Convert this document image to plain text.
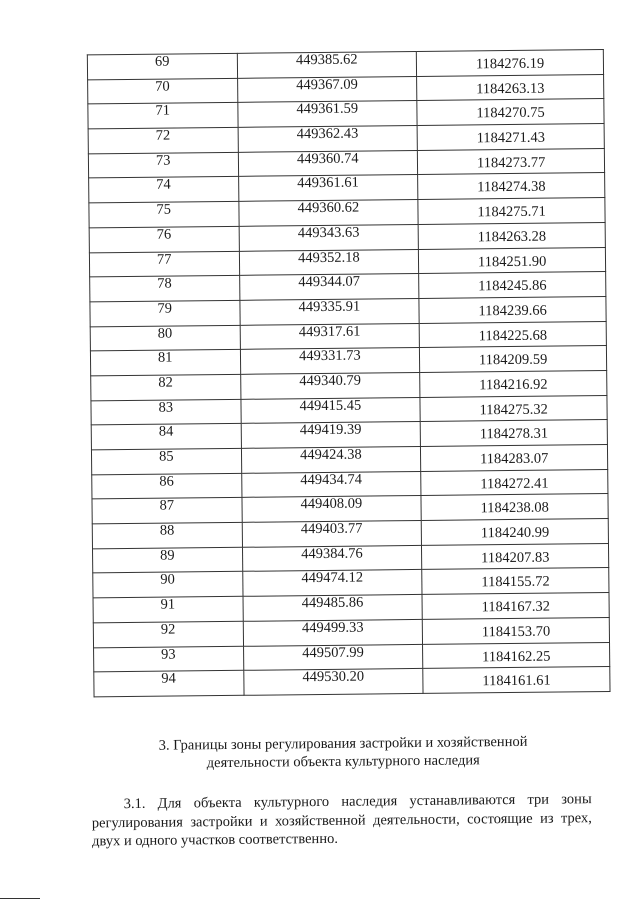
69	449385.62	1184276.19
70	449367.09	1184263.13
71	449361.59	1184270.75
72	449362.43	1184271.43
73	449360.74	1184273.77
74	449361.61	1184274.38
75	449360.62	1184275.71
76	449343.63	1184263.28
77	449352.18	1184251.90
78	449344.07	1184245.86
79	449335.91	1184239.66
80	449317.61	1184225.68
81	449331.73	1184209.59
82	449340.79	1184216.92
83	449415.45	1184275.32
84	449419.39	1184278.31
85	449424.38	1184283.07
86	449434.74	1184272.41
87	449408.09	1184238.08
88	449403.77	1184240.99
89	449384.76	1184207.83
90	449474.12	1184155.72
91	449485.86	1184167.32
92	449499.33	1184153.70
93	449507.99	1184162.25
94	449530.20	1184161.61
3. Границы зоны регулирования застройки и хозяйственной
деятельности объекта культурного наследия
3.1. Для объекта культурного наследия устанавливаются три зоны регулирования застройки и хозяйственной деятельности, состоящие из трех, двух и одного участков соответственно.
